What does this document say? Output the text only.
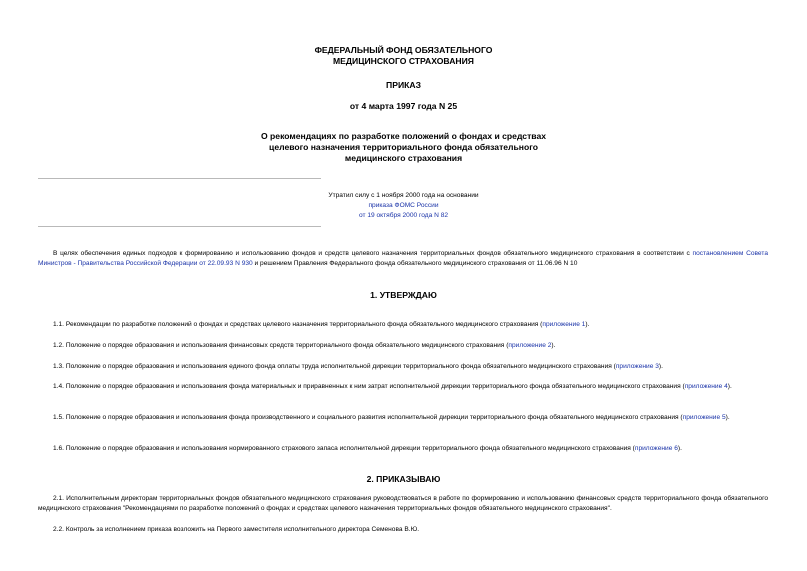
ФЕДЕРАЛЬНЫЙ ФОНД ОБЯЗАТЕЛЬНОГО
МЕДИЦИНСКОГО СТРАХОВАНИЯ
ПРИКАЗ
от 4 марта 1997 года N 25
О рекомендациях по разработке положений о фондах и средствах
целевого назначения территориального фонда обязательного
медицинского страхования
Утратил силу с 1 ноября 2000 года на основании
приказа ФОМС России
от 19 октября 2000 года N 82
В целях обеспечения единых подходов к формированию и использованию фондов и средств целевого назначения территориальных фондов обязательного медицинского страхования в соответствии с постановлением Совета Министров - Правительства Российской Федерации от 22.09.93 N 930 и решением Правления Федерального фонда обязательного медицинского страхования от 11.06.96 N 10
1. УТВЕРЖДАЮ
1.1. Рекомендации по разработке положений о фондах и средствах целевого назначения территориального фонда обязательного медицинского страхования (приложение 1).
1.2. Положение о порядке образования и использования финансовых средств территориального фонда обязательного медицинского страхования (приложение 2).
1.3. Положение о порядке образования и использования единого фонда оплаты труда исполнительной дирекции территориального фонда обязательного медицинского страхования (приложение 3).
1.4. Положение о порядке образования и использования фонда материальных и приравненных к ним затрат исполнительной дирекции территориального фонда обязательного медицинского страхования (приложение 4).
1.5. Положение о порядке образования и использования фонда производственного и социального развития исполнительной дирекции территориального фонда обязательного медицинского страхования (приложение 5).
1.6. Положение о порядке образования и использования нормированного страхового запаса исполнительной дирекции территориального фонда обязательного медицинского страхования (приложение 6).
2. ПРИКАЗЫВАЮ
2.1. Исполнительным директорам территориальных фондов обязательного медицинского страхования руководствоваться в работе по формированию и использованию финансовых средств территориального фонда обязательного медицинского страхования "Рекомендациями по разработке положений о фондах и средствах целевого назначения территориальных фондов обязательного медицинского страхования".
2.2. Контроль за исполнением приказа возложить на Первого заместителя исполнительного директора Семенова В.Ю.
